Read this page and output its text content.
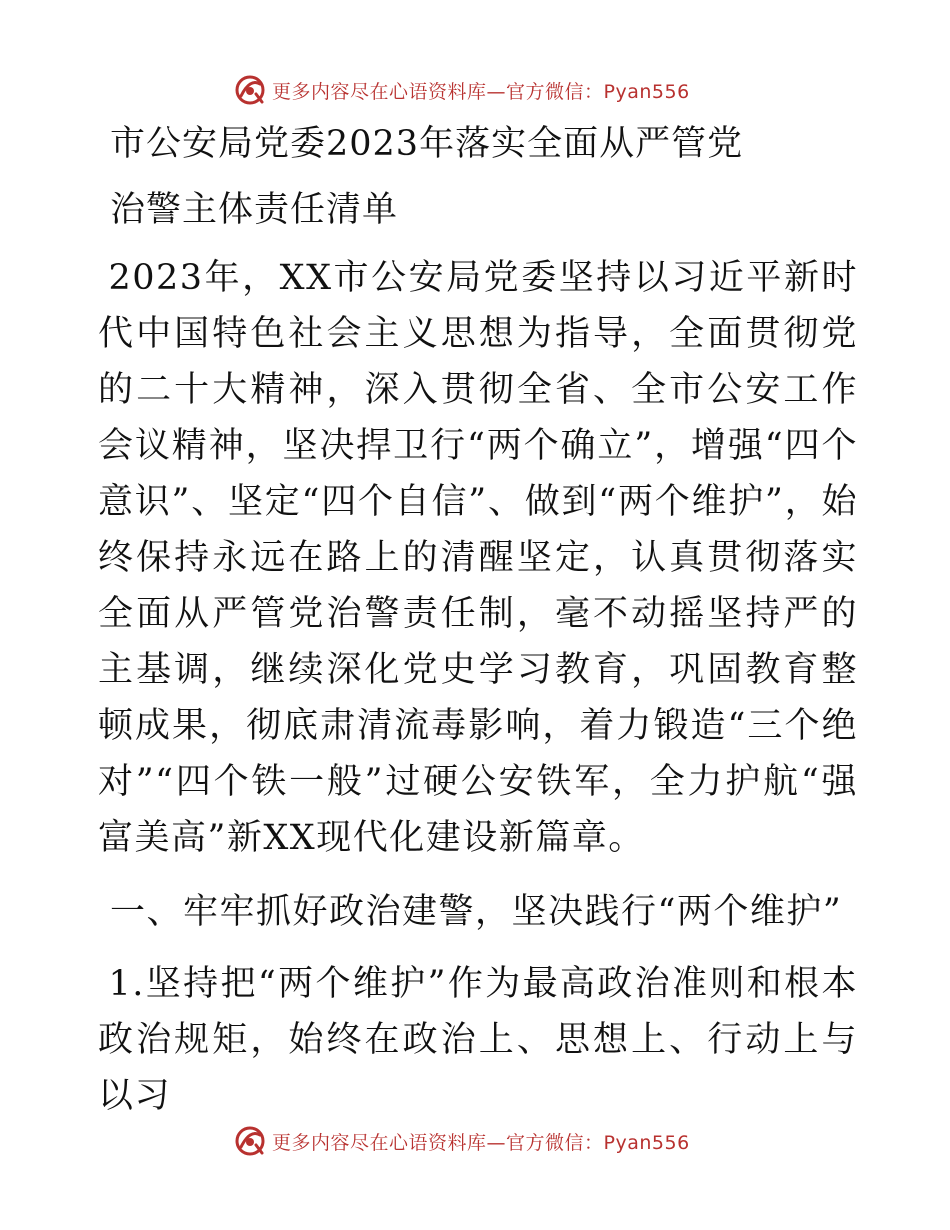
更多内容尽在心语资料库—官方微信：Pyan556
市公安局党委2023年落实全面从严管党
治警主体责任清单

2023年，XX市公安局党委坚持以习近平新时代中国特色社会主义思想为指导，全面贯彻党的二十大精神，深入贯彻全省、全市公安工作会议精神，坚决捍卫行“两个确立”，增强“四个意识”、坚定“四个自信”、做到“两个维护”，始终保持永远在路上的清醒坚定，认真贯彻落实全面从严管党治警责任制，毫不动摇坚持严的主基调，继续深化党史学习教育，巩固教育整顿成果，彻底肃清流毒影响，着力锻造“三个绝对”“四个铁一般”过硬公安铁军，全力护航“强富美高”新XX现代化建设新篇章。

一、牢牢抓好政治建警，坚决践行“两个维护”

1.坚持把“两个维护”作为最高政治准则和根本政治规矩，始终在政治上、思想上、行动上与以习

更多内容尽在心语资料库—官方微信：Pyan556
